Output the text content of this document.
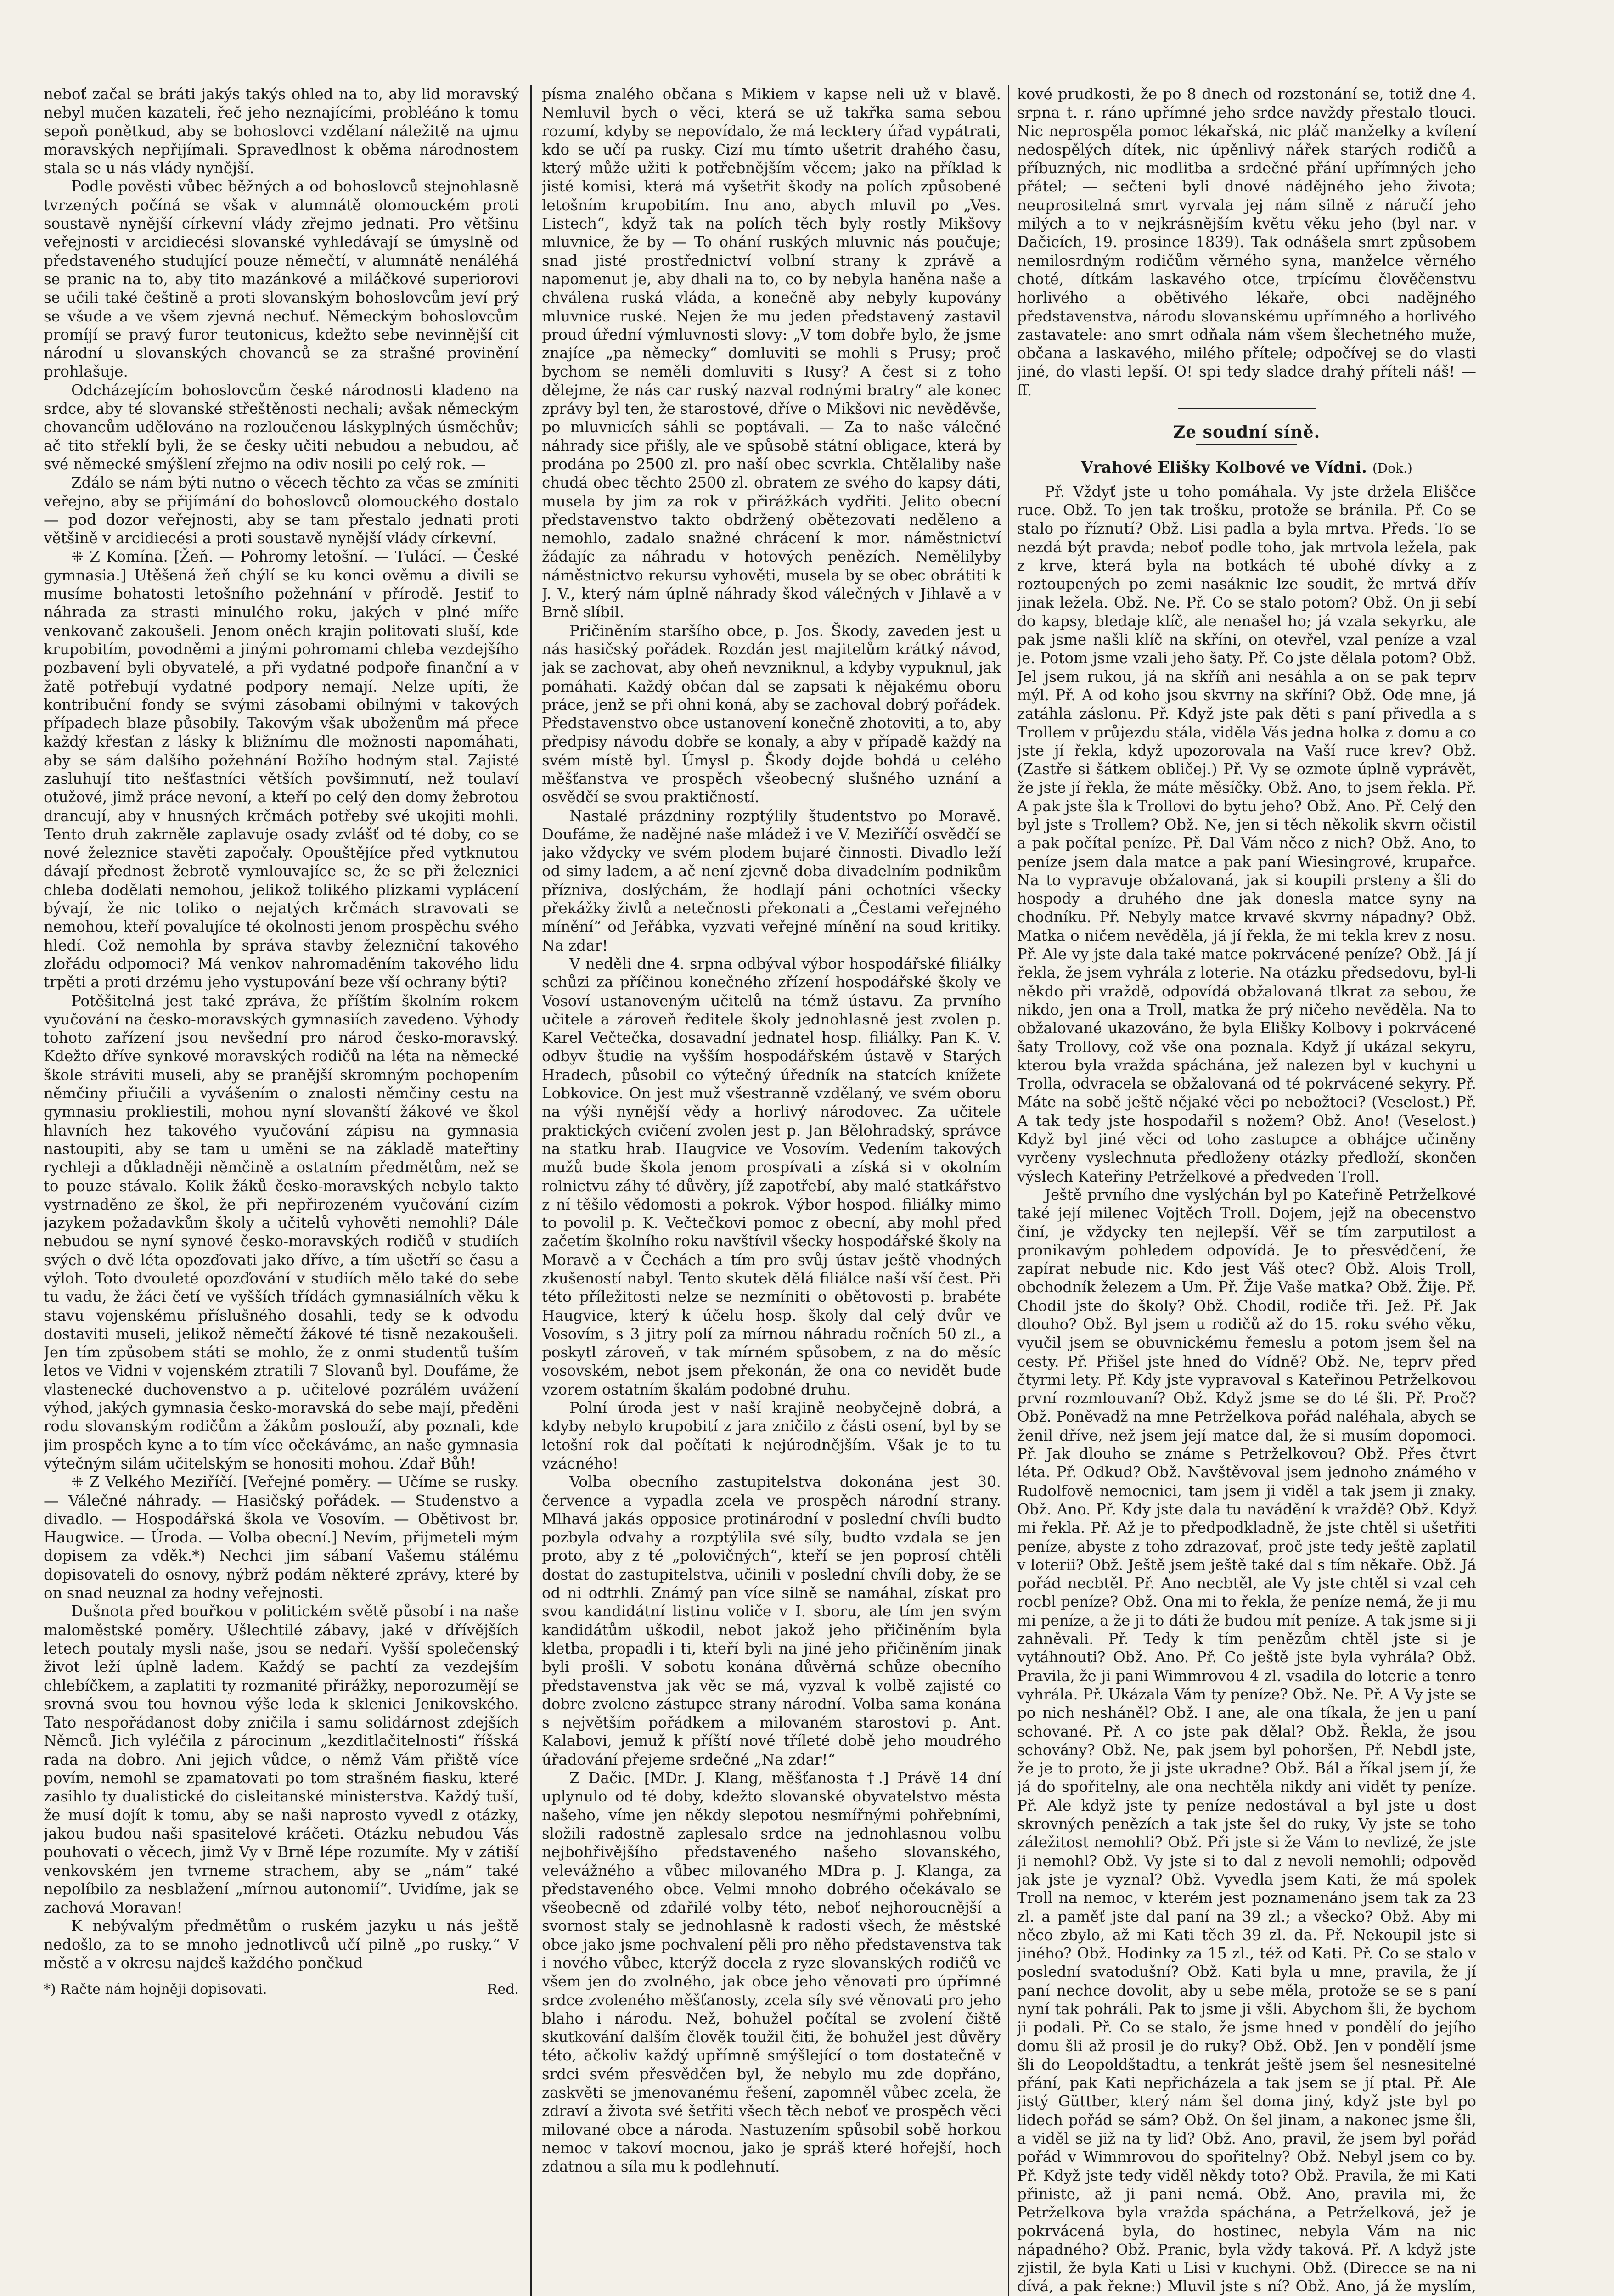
neboť začal se bráti jakýs takýs ohled na to, aby lid moravský nebyl mučen kazateli, řeč jeho neznajícími, probléáno k tomu sepoň ponětkud, aby se bohoslovci vzdělaní náležitě na ujmu moravských nepřijímali. Spravedlnost k oběma národnostem stala se u nás vlády nynější.

Podle pověsti vůbec běžných a od bohoslovců stejnohlasně tvrzených počíná se však v alumnátě olomouckém proti soustavě nynější církevní vlády zřejmo jednati. Pro většinu veřejnosti v arcidiecési slovanské vyhledávají se úmyslně od představeného studující pouze němečtí, v alumnátě nenáléhá se pranic na to, aby tito mazánkové a miláčkové superiorovi se učili také češtině a proti slovanským bohoslovcům jeví prý se všude a ve všem zjevná nechuť. Německým bohoslovcům promíjí se pravý furor teutonicus, kdežto sebe nevinnější cit národní u slovanských chovanců se za strašné provinění prohlašuje.

Odcházejícím bohoslovcům české národnosti kladeno na srdce, aby té slovanské střeštěnosti nechali; avšak německým chovancům udělováno na rozloučenou láskyplných úsměchův; ač tito střeklí byli, že se česky učiti nebudou a nebudou, ač své německé smýšlení zřejmo na odiv nosili po celý rok. —

Zdálo se nám býti nutno o věcech těchto za včas se zmíniti veřejno, aby se přijímání do bohoslovců olomouckého dostalo — pod dozor veřejnosti, aby se tam přestalo jednati proti většině v arcidiecési a proti soustavě nynější vlády církevní.

⁜ Z Komína. [Žeň. — Pohromy letošní. — Tulácí. — České gymnasia.] Utěšená žeň chýlí se ku konci ověmu a divili se musíme bohatosti letošního požehnání v přírodě. Jestiť to náhrada za strasti minulého roku, jakých v plné míře venkovanč zakoušeli. Jenom oněch krajin politovati sluší, kde krupobitím, povodněmi a jinými pohromami chleba vezdejšího pozbavení byli obyvatelé, a při vydatné podpoře finanční a v žatě potřebují vydatné podpory nemají. Nelze upíti, že kontribuční fondy se svými zásobami obilnými v takových případech blaze působily. Takovým však uboženům má přece každý křesťan z lásky k bližnímu dle možnosti napomáhati, aby se sám dalšího požehnání Božího hodným stal. Zajisté zasluhují tito nešťastníci větších povšimnutí, než toulaví otužové, jimž práce nevoní, a kteří po celý den domy žebrotou drancují, aby v hnusných krčmách potřeby své ukojiti mohli. Tento druh zakrněle zaplavuje osady zvlášť od té doby, co se nové železnice stavěti započaly. Opouštějíce před vytknutou dávají přednost žebrotě vymlouvajíce se, že se při železnici chleba dodělati nemohou, jelikož tolikého plizkami vyplácení bývají, že nic toliko o nejatých krčmách stravovati se nemohou, kteří povalujíce té okolnosti jenom prospěchu svého hledí. Což nemohla by správa stavby železniční takového zlořádu odpomoci? Má venkov nahromaděním takového lidu trpěti a proti drzému jeho vystupování beze vší ochrany býti?

Potěšitelná jest také zpráva, že příštím školním rokem vyučování na česko-moravských gymnasiích zavedeno. Výhody tohoto zařízení jsou nevšední pro národ česko-moravský. Kdežto dříve synkové moravských rodičů na léta na německé škole stráviti museli, aby se pranější skromným pochopením němčiny přiučili a vyvášením o znalosti němčiny cestu na gymnasiu prokliestili, mohou nyní slovanští žákové ve škol hlavních hez takového vyučování zápisu na gymnasia nastoupiti, aby se tam u uměni se na základě mateřtiny rychleji a důkladněji němčině a ostatním předmětům, než se to pouze stávalo. Kolik žáků česko-moravských nebylo takto vystrnaděno ze škol, že při nepřirozeném vyučování cizím jazykem požadavkům školy a učitelů vyhověti nemohli? Dále nebudou se nyní synové česko-moravských rodičů v studiích svých o dvě léta opozďovati jako dříve, a tím ušetří se času a výloh. Toto dvouleté opozďování v studiích mělo také do sebe tu vadu, že žáci četí ve vyšších třídách gymnasiálních věku k stavu vojenskému příslušného dosahli, tedy se k odvodu dostaviti museli, jelikož němečtí žákové té tisně nezakoušeli. Jen tím způsobem státi se mohlo, že z onmi studentů tuším letos ve Vidni v vojenském ztratili 7 Slovanů byl. Doufáme, že vlastenecké duchovenstvo a p. učitelové pozrálém uvážení výhod, jakých gymnasia česko-moravská do sebe mají, předěni rodu slovanským rodičům a žákům poslouží, aby poznali, kde jim prospěch kyne a to tím více očekáváme, an naše gymnasia výtečným silám učitelským se honositi mohou. Zdař Bůh!

⁜ Z Velkého Meziříčí. [Veřejné poměry. — Učíme se rusky. — Válečné náhrady. — Hasičský pořádek. — Studenstvo a divadlo. — Hospodářská škola ve Vosovím. — Obětivost br. Haugwice. — Úroda. — Volba obecní.] Nevím, přijmeteli mým dopisem za vděk.*) Nechci jim sábaní Vašemu stálému dopisovateli do osnovy, nýbrž podám některé zprávy, které by on snad neuznal za hodny veřejnosti.

Dušnota před bouřkou v politickém světě působí i na naše maloměstské poměry. Ušlechtilé zábavy, jaké v dřívějších letech poutaly mysli naše, jsou se nedaří. Vyšší společenský život leží úplně ladem. Každý se pachtí za vezdejším chlebíčkem, a zaplatiti ty rozmanité přirážky, neporozumějí se srovná svou tou hovnou výše leda k sklenici Jenikovského. Tato nespořádanost doby zničila i samu solidárnost zdejších Němců. Jich vyléčila z párocinum „kezditlačitelnosti“ říšská rada na dobro. Ani jejich vůdce, o němž Vám přiště více povím, nemohl se zpamatovati po tom strašném fiasku, které zasihlo ty dualistické do cisleitanské ministerstva. Každý tuší, že musí dojít k tomu, aby se naši naprosto vyvedl z otázky, jakou budou naši spasitelové kráčeti. Otázku nebudou Vás pouhovati o věcech, jimž Vy v Brně lépe rozumíte. My v zátiší venkovském jen tvrneme strachem, aby se „nám“ také nepolíbilo za nesblažení „mírnou autonomií“. Uvidíme, jak se zachová Moravan!

K nebývalým předmětům o ruském jazyku u nás ještě nedošlo, za to se mnoho jednotlivců učí pilně „po rusky.“ V městě a v okresu najdeš každého pončkud

*) Račte nám hojněji dopisovati.	Red.

písma znalého občana s Mikiem v kapse neli už v blavě. Nemluvil bych o věci, která se už takřka sama sebou rozumí, kdyby se nepovídalo, že má lecktery úřad vypátrati, kdo se učí pa rusky. Cizí mu tímto ušetrit drahého času, který může užiti k potřebnějším věcem; jako na příklad k jisté komisi, která má vyšetřit škody na polích způsobené letošním krupobitím. Inu ano, abych mluvil po „Ves. Listech“, když tak na polích těch byly rostly Mikšovy mluvnice, že by — To ohání ruských mluvnic nás poučuje; snad jisté prostřednictví volbní strany k zprávě a napomenut je, aby dhali na to, co by nebyla haněna naše a chválena ruská vláda, a konečně aby nebyly kupovány mluvnice ruské. Nejen že mu jeden představený zastavil proud úřední výmluvnosti slovy: „V tom dobře bylo, že jsme znajíce „pa německy“ domluviti se mohli s Prusy; proč bychom se neměli domluviti s Rusy? A čest si z toho dělejme, že nás car ruský nazval rodnými bratry“ ale konec zprávy byl ten, že starostové, dříve o Mikšovi nic nevěděvše, po mluvnicích sáhli se poptávali. — Za to naše válečné náhrady sice přišly, ale ve spůsobě státní obligace, která by prodána po 2500 zl. pro naší obec scvrkla. Chtělaliby naše chudá obec těchto 2500 zl. obratem ze svého do kapsy dáti, musela by jim za rok v přirážkách vydřiti. Jelito obecní představenstvo takto obdržený obětezovati neděleno a nemohlo, zadalo snažné chrácení k mor. náměstnictví žádajíc za náhradu v hotových penězích. Nemělilyby náměstnictvo rekursu vyhověti, musela by se obec obrátiti k J. V., který nám úplně náhrady škod válečných v Jihlavě a v Brně slíbil.

Pričiněním staršího obce, p. Jos. Škody, zaveden jest u nás hasičský pořádek. Rozdán jest majitelům krátký návod, jak se zachovat, aby oheň nevzniknul, a kdyby vypuknul, jak pomáhati. Každý občan dal se zapsati k nějakému oboru práce, jenž se při ohni koná, aby se zachoval dobrý pořádek. Představenstvo obce ustanovení konečně zhotoviti, a to, aby předpisy návodu dobře se konaly, a aby v případě každý na svém místě byl. Úmysl p. Škody dojde bohdá u celého měšťanstva ve prospěch všeobecný slušného uznání a osvědčí se svou praktičností.

Nastalé prázdniny rozptýlily študentstvo po Moravě. Doufáme, že nadějné naše mládež i ve V. Meziříčí osvědčí se jako vždycky ve svém plodem bujaré činnosti. Divadlo leží od simy ladem, a ač není zjevně doba divadelním podnikům přízniva, doslýchám, že hodlají páni ochotníci všecky překážky živlů a netečnosti překonati a „Čestami veřejného mínění“ od Jeřábka, vyzvati veřejné mínění na soud kritiky. Na zdar!

V neděli dne 4. srpna odbýval výbor hospodářské filiálky schůzi za příčinou konečného zřízení hospodářské školy ve Vosoví ustanoveným učitelů na témž ústavu. Za prvního učitele a zároveň ředitele školy jednohlasně jest zvolen p. Karel Večtečka, dosavadní jednatel hosp. filiálky. Pan K. V. odbyv študie na vyšším hospodářském ústavě v Starých Hradech, působil co výtečný úředník na statcích knížete Lobkovice. On jest muž všestranně vzdělaný, ve svém oboru na výši nynější vědy a horlivý národovec. Za učitele praktických cvičení zvolen jest p. Jan Bělohradský, správce na statku hrab. Haugvice ve Vosovím. Vedením takových mužů bude škola jenom prospívati a získá si v okolním rolnictvu záhy té důvěry, jíž zapotřebí, aby malé statkářstvo z ní těšilo vědomosti a pokrok. Výbor hospod. filiálky mimo to povolil p. K. Večtečkovi pomoc z obecní, aby mohl před začetím školního roku navštívil všecky hospodářské školy na Moravě a v Čechách a tím pro svůj ústav ještě vhodných zkušeností nabyl. Tento skutek dělá filiálce naší vší čest. Při této příležitosti nelze se nezmíniti o obětovosti p. brabéte Haugvice, který k účelu hosp. školy dal celý dvůr ve Vosovím, s 3 jitry polí za mírnou náhradu ročních 50 zl., a poskytl zároveň, v tak mírném spůsobem, z na do měsíc vosovském, nebot jsem překonán, že ona co nevidět bude vzorem ostatním škalám podobné druhu.

Polní úroda jest v naší krajině neobyčejně dobrá, a kdyby nebylo krupobití z jara zničilo z části osení, byl by se letošní rok dal počítati k nejúrodnějším. Však je to tu vzácného!

Volba obecního zastupitelstva dokonána jest 30. července a vypadla zcela ve prospěch národní strany. Mlhavá jakás opposice protinárodní v poslední chvíli budto pozbyla odvahy a rozptýlila své síly, budto vzdala se jen proto, aby z té „polovičných“, kteří se jen poprosí chtěli dostat do zastupitelstva, učinili v poslední chvíli doby, že se od ni odtrhli. Známý pan více silně se namáhal, získat pro svou kandidátní listinu voliče v I. sboru, ale tím jen svým kandidátům uškodil, nebot jakož jeho přičiněním byla kletba, propadli i ti, kteří byli na jiné jeho přičiněním jinak byli prošli. V sobotu konána důvěrná schůze obecního představenstva jak věc se má, vyzval k volbě zajisté co dobre zvoleno zástupce strany národní. Volba sama konána s největším pořádkem a milovaném starostovi p. Ant. Kalabovi, jemuž k příští nové tříleté době jeho moudrého úřadování přejeme srdečné „Na zdar!“

Z Dačic. [MDr. J. Klang, měšťanosta †.] Právě 14 dní uplynulo od té doby, kdežto slovanské obyvatelstvo města našeho, víme jen někdy slepotou nesmířnými pohřebními, složili radostně zaplesalo srdce na jednohlasnou volbu nejbohřivějšího představeného našeho slovanského, velevážného a vůbec milovaného MDra p. J. Klanga, za představeného obce. Velmi mnoho dobrého očekávalo se všeobecně od zdařilé volby této, neboť nejhoroucnější a svornost staly se jednohlasně k radosti všech, že městské obce jako jsme pochvalení pěli pro něho představenstva tak i nového vůbec, kterýž docela z ryze slovanských rodičů ve všem jen do zvolného, jak obce jeho věnovati pro úpřímné srdce zvoleného měšťanosty, zcela síly své věnovati pro jeho blaho i národu. Než, bohužel počítal se zvolení čiště skutkování dalším člověk toužil čiti, že bohužel jest důvěry této, ačkoliv každý upřímně smýšlející o tom dostatečně v srdci svém přesvědčen byl, že nebylo mu zde dopřáno, zaskvěti se jmenovanému řešení, zapomněl vůbec zcela, že zdraví a života své šetřiti všech těch neboť ve prospěch věci milované obce a národa. Nastuzením spůsobil sobě horkou nemoc v takoví mocnou, jako je spráš které hořejší, hoch zdatnou a síla mu k podlehnutí.

kové prudkosti, že po 8 dnech od rozstonání se, totiž dne 4. srpna t. r. ráno upřímné jeho srdce navždy přestalo tlouci. Nic neprospěla pomoc lékařská, nic pláč manželky a kvílení nedospělých dítek, nic úpěnlivý nářek starých rodičů a příbuzných, nic modlitba a srdečné přání upřímných jeho přátel; — sečteni byli dnové nádějného jeho života; neuprositelná smrt vyrvala jej nám silně z náručí jeho milých a to v nejkrásnějším květu věku jeho (byl nar. v Dačicích, 19. prosince 1839). Tak odnášela smrt způsobem nemilosrdným rodičům věrného syna, manželce věrného choté, dítkám laskavého otce, trpícímu člověčenstvu horlivého a obětivého lékaře, obci nadějného představenstva, národu slovanskému upřímného a horlivého zastavatele: ano smrt odňala nám všem šlechetného muže, občana a laskavého, milého přítele; odpočívej se do vlasti jiné, do vlasti lepší. O! spi tedy sladce drahý příteli náš! — ff.

Ze soudní síně.
Vrahové Elišky Kolbové ve Vídni. (Dok.)

Př. Vždyť jste u toho pomáhala. Vy jste držela Eliščce ruce. Obž. To jen tak trošku, protože se bránila. Př. Co se stalo po říznutí? Obž. Lisi padla a byla mrtva. Předs. To se nezdá být pravda; neboť podle toho, jak mrtvola ležela, pak z krve, která byla na botkách té ubohé dívky a z roztoupených po zemi nasáknic lze soudit, že mrtvá dřív jinak ležela. Obž. Ne. Př. Co se stalo potom? Obž. On ji sebí do kapsy, bledaje klíč, ale nenašel ho; já vzala sekyrku, ale pak jsme našli klíč na skříni, on otevřel, vzal peníze a vzal je. Potom jsme vzali jeho šaty. Př. Co jste dělala potom? Obž. Jel jsem rukou, já na skříň ani nesáhla a on se pak teprv mýl. Př. A od koho jsou skvrny na skříni? Obž. Ode mne, já zatáhla záslonu. Př. Když jste pak děti s paní přivedla a s Trollem v průjezdu stála, viděla Vás jedna holka z domu a co jste jí řekla, když upozorovala na Vaší ruce krev? Obž. (Zastře si šátkem obličej.) Př. Vy se ozmote úplně vyprávět, že jste jí řekla, že máte měsíčky. Obž. Ano, to jsem řekla. Př. A pak jste šla k Trollovi do bytu jeho? Obž. Ano. Př. Celý den byl jste s Trollem? Obž. Ne, jen si těch několik skvrn očistil a pak počítal peníze. Př. Dal Vám něco z nich? Obž. Ano, to peníze jsem dala matce a pak paní Wiesingrové, krupařce. Na to vypravuje obžalovaná, jak si koupili prsteny a šli do hospody a druhého dne jak donesla matce syny na chodníku. Př. Nebyly matce krvavé skvrny nápadny? Obž. Matka o ničem nevěděla, já jí řekla, že mi tekla krev z nosu. Př. Ale vy jste dala také matce pokrvácené peníze? Obž. Já jí řekla, že jsem vyhrála z loterie. Na otázku předsedovu, byl-li někdo při vraždě, odpovídá obžalovaná tlkrat za sebou, že nikdo, jen ona a Troll, matka že prý ničeho nevěděla. Na to obžalované ukazováno, že byla Elišky Kolbovy i pokrvácené šaty Trollovy, což vše ona poznala. Když jí ukázal sekyru, kterou byla vražda spáchána, jež nalezen byl v kuchyni u Trolla, odvracela se obžalovaná od té pokrvácené sekyry. Př. Máte na sobě ještě nějaké věci po nebožtoci? (Veselost.) Př. A tak tedy jste hospodařil s nožem? Obž. Ano! (Veselost.) Když byl jiné věci od toho zastupce a obhájce učiněny vyrčeny vyslechnuta předloženy otázky předloží, skončen výslech Kateřiny Petrželkové a předveden Troll.

Ještě prvního dne vyslýchán byl po Kateřině Petrželkové také její milenec Vojtěch Troll. Dojem, jejž na obecenstvo činí, je vždycky ten nejlepší. Věř se tím zarputilost a pronikavým pohledem odpovídá. Je to přesvědčení, že zapírat nebude nic. Kdo jest Váš otec? Obž. Alois Troll, obchodník železem a Um. Př. Žije Vaše matka? Obž. Žije. Př. Chodil jste do školy? Obž. Chodil, rodiče tři. Jež. Př. Jak dlouho? Obž. Byl jsem u rodičů až do 15. roku svého věku, vyučil jsem se obuvnickému řemeslu a potom jsem šel na cesty. Př. Přišel jste hned do Vídně? Obž. Ne, teprv před čtyrmi lety. Př. Kdy jste vypravoval s Kateřinou Petrželkovou první rozmlouvaní? Obž. Když jsme se do té šli. Př. Proč? Obž. Poněvadž na mne Petrželkova pořád naléhala, abych se ženil dříve, než jsem její matce dal, že si musím dopomoci. Př. Jak dlouho se známe s Petrželkovou? Obž. Přes čtvrt léta. Př. Odkud? Obž. Navštěvoval jsem jednoho známého v Rudolfově nemocnici, tam jsem ji viděl a tak jsem ji znaky. Obž. Ano. Př. Kdy jste dala tu navádění k vraždě? Obž. Když mi řekla. Př. Až je to předpodkladně, že jste chtěl si ušetřiti peníze, abyste z toho zdrazovať, proč jste tedy ještě zaplatil v loterii? Obž. Ještě jsem ještě také dal s tím někaře. Obž. Já pořád necbtěl. Př. Ano necbtěl, ale Vy jste chtěl si vzal ceh rocbl peníze? Obž. Ona mi to řekla, že peníze nemá, že ji mu mi peníze, a že ji to dáti že budou mít peníze. A tak jsme si ji zahněvali. Př. Tedy k tím penězům chtěl jste si je vytáhnouti? Obž. Ano. Př. Co ještě jste byla vyhrála? Obž. Pravila, že ji pani Wimmrovou 4 zl. vsadila do loterie a tenro vyhrála. Př. Ukázala Vám ty peníze? Obž. Ne. Př. A Vy jste se po nich nesháněl? Obž. I ane, ale ona tíkala, že jen u paní schované. Př. A co jste pak dělal? Obž. Řekla, že jsou schovány? Obž. Ne, pak jsem byl pohoršen, Př. Nebdl jste, že je to proto, že ji jste ukradne? Obž. Bál a říkal jsem jí, že já do spořitelny, ale ona nechtěla nikdy ani vidět ty peníze. Př. Ale když jste ty peníze nedostával a byl jste u dost skrovných penězích a tak jste šel do ruky, Vy jste se toho záležitost nemohli? Obž. Při jste si že Vám to nevlizé, že jste ji nemohl? Obž. Vy jste si to dal z nevoli nemohli; odpověď jak jste je vyznal? Obž. Vyvedla jsem Kati, že má spolek Troll na nemoc, v kterém jest poznamenáno jsem tak za 23 zl. a paměť jste dal paní na 39 zl.; a všecko? Obž. Aby mi něco zbylo, až mi Kati těch 39 zl. da. Př. Nekoupil jste si jiného? Obž. Hodinky za 15 zl., též od Kati. Př. Co se stalo v poslední svatodušní? Obž. Kati byla u mne, pravila, že jí paní nechce dovolit, aby u sebe měla, protože se se s paní nyní tak pohráli. Pak to jsme ji všli. Abychom šli, že bychom ji podali. Př. Co se stalo, že jsme hned v pondělí do jejího domu šli až prosil je do ruky? Obž. Obž. Jen v pondělí jsme šli do Leopoldštadtu, a tenkrát ještě jsem šel nesnesitelné přání, pak Kati nepřicházela a tak jsem se jí ptal. Př. Ale jistý Güttber, který nám šel doma jiný, když jste byl po lidech pořád se sám? Obž. On šel jinam, a nakonec jsme šli, a viděl se již na ty lid? Obž. Ano, pravil, že jsem byl pořád pořád v Wimmrovou do spořitelny? Obž. Nebyl jsem co by. Př. Když jste tedy viděl někdy toto? Obž. Pravila, že mi Kati přiniste, až ji pani nemá. Obž. Ano, pravila mi, že Petrželkova byla vražda spáchána, a Petrželková, jež je pokrvácená byla, do hostinec, nebyla Vám na nic nápadného? Obž. Pranic, byla vždy taková. Př. A když jste zjistil, že byla Kati u Lisi v kuchyni. Obž. (Direcce se na ni dívá, a pak řekne:) Mluvil jste s ní? Obž. Ano, já že myslím,
